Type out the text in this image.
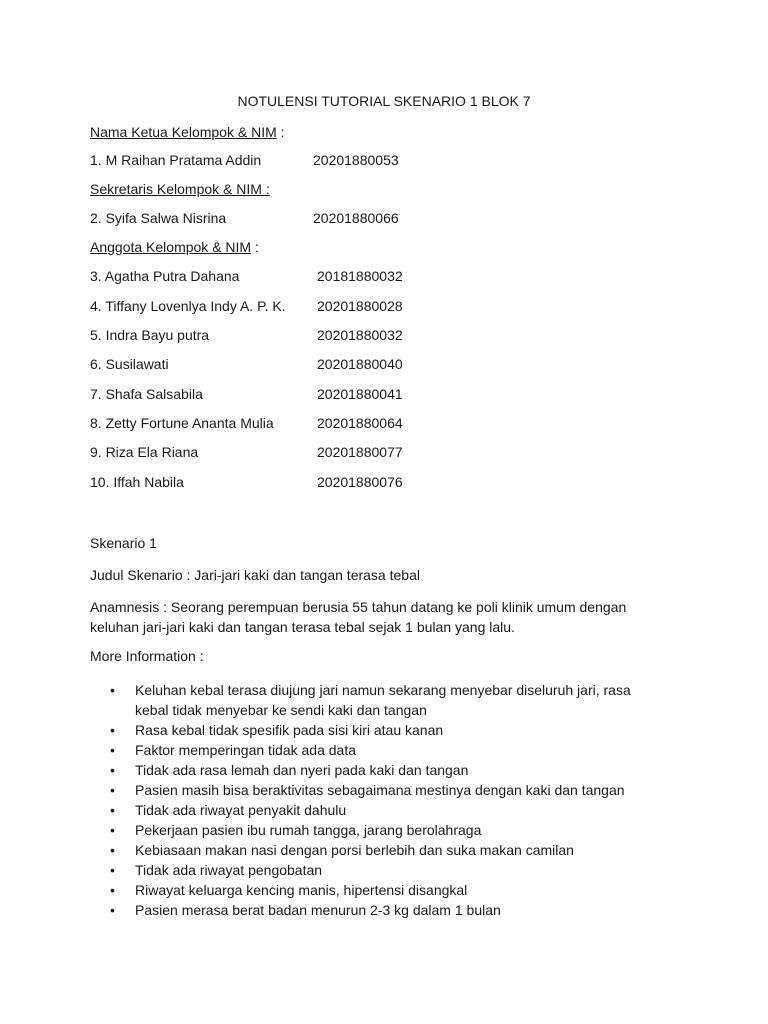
NOTULENSI TUTORIAL SKENARIO 1 BLOK 7
Nama Ketua Kelompok & NIM :
1. M Raihan Pratama Addin	20201880053
Sekretaris Kelompok & NIM :
2. Syifa Salwa Nisrina	20201880066
Anggota Kelompok & NIM :
3. Agatha Putra Dahana	20181880032
4. Tiffany Lovenlya Indy A. P. K. 20201880028
5. Indra Bayu putra	20201880032
6. Susilawati	20201880040
7. Shafa Salsabila	20201880041
8. Zetty Fortune Ananta Mulia	20201880064
9. Riza Ela Riana	20201880077
10. Iffah Nabila	20201880076
Skenario 1
Judul Skenario : Jari-jari kaki dan tangan terasa tebal
Anamnesis : Seorang perempuan berusia 55 tahun datang ke poli klinik umum dengan keluhan jari-jari kaki dan tangan terasa tebal sejak 1 bulan yang lalu.
More Information :
• Keluhan kebal terasa diujung jari namun sekarang menyebar diseluruh jari, rasa kebal tidak menyebar ke sendi kaki dan tangan
• Rasa kebal tidak spesifik pada sisi kiri atau kanan
• Faktor memperingan tidak ada data
• Tidak ada rasa lemah dan nyeri pada kaki dan tangan
• Pasien masih bisa beraktivitas sebagaimana mestinya dengan kaki dan tangan
• Tidak ada riwayat penyakit dahulu
• Pekerjaan pasien ibu rumah tangga, jarang berolahraga
• Kebiasaan makan nasi dengan porsi berlebih dan suka makan camilan
• Tidak ada riwayat pengobatan
• Riwayat keluarga kencing manis, hipertensi disangkal
• Pasien merasa berat badan menurun 2-3 kg dalam 1 bulan
